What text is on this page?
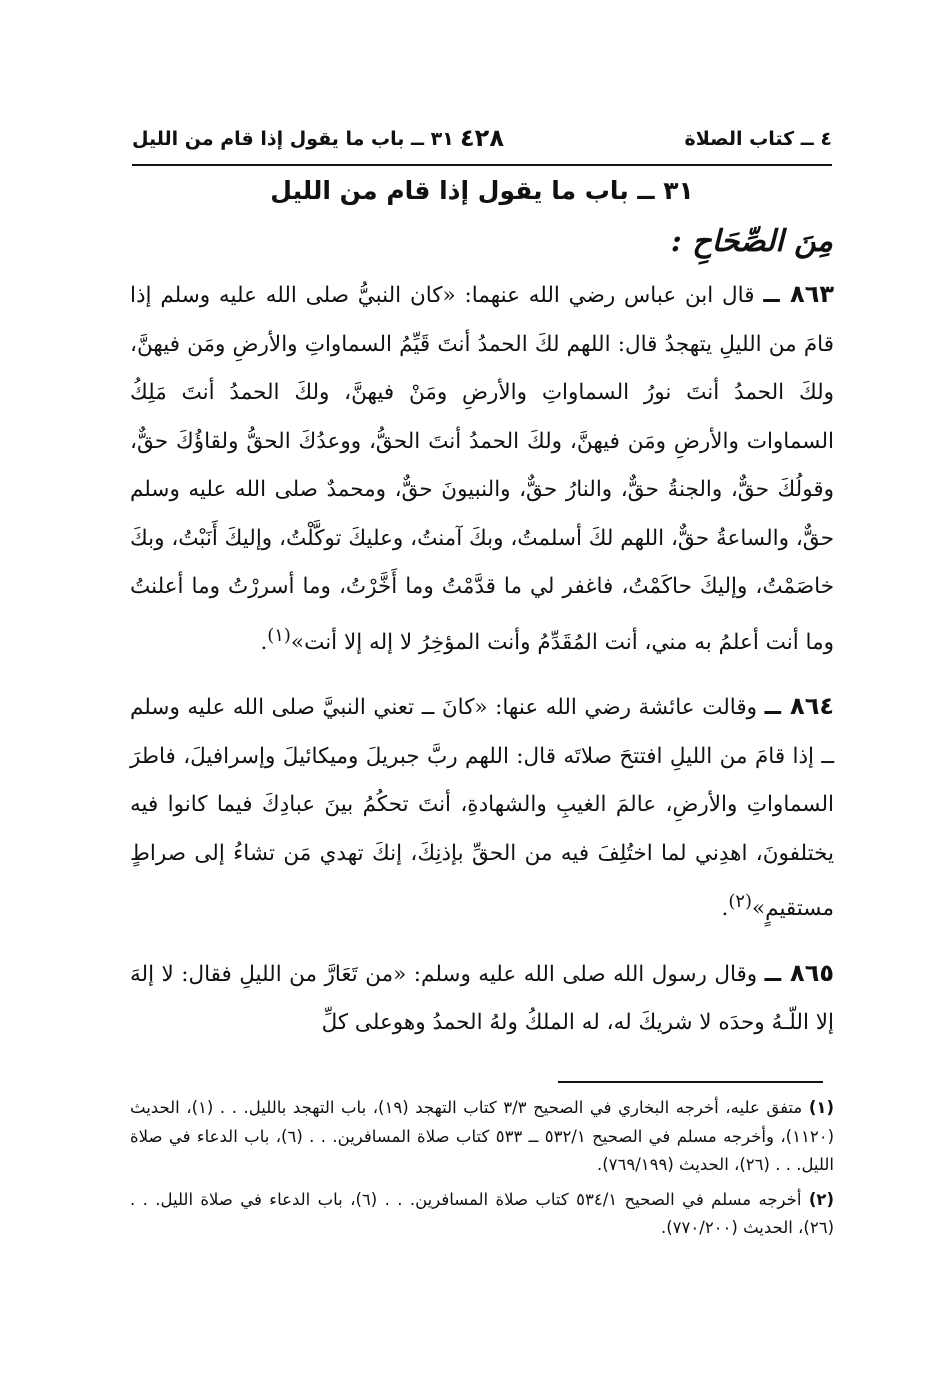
٤ ــ كتاب الصلاة
٤٢٨
٣١ ــ باب ما يقول إذا قام من الليل
٣١ ــ باب ما يقول إذا قام من الليل
مِنَ الصِّحَاحِ :

٨٦٣ ــ قال ابن عباس رضي الله عنهما: «كان النبيُّ صلى الله عليه وسلم إذا قامَ من الليلِ يتهجدُ قال: اللهم لكَ الحمدُ أنتَ قَيِّمُ السماواتِ والأرضِ ومَن فيهنَّ، ولكَ الحمدُ أنتَ نورُ السماواتِ والأرضِ ومَنْ فيهنَّ، ولكَ الحمدُ أنتَ مَلِكُ السماوات والأرضِ ومَن فيهنَّ، ولكَ الحمدُ أنتَ الحقُّ، ووعدُكَ الحقُّ ولقاؤُكَ حقٌّ، وقولُكَ حقٌّ، والجنةُ حقٌّ، والنارُ حقٌّ، والنبيونَ حقٌّ، ومحمدٌ صلى الله عليه وسلم حقٌّ، والساعةُ حقٌّ، اللهم لكَ أسلمتُ، وبكَ آمنتُ، وعليكَ توكَّلْتُ، وإليكَ أَنَبْتُ، وبكَ خاصَمْتُ، وإليكَ حاكَمْتُ، فاغفر لي ما قدَّمْتُ وما أَخَّرْتُ، وما أسررْتُ وما أعلنتُ وما أنت أعلمُ به مني، أنت المُقَدِّمُ وأنت المؤخِرُ لا إله إلا أنت»$^{(١)}$.

٨٦٤ ــ وقالت عائشة رضي الله عنها: «كانَ ــ تعني النبيَّ صلى الله عليه وسلم ــ إذا قامَ من الليلِ افتتحَ صلاتَه قال: اللهم ربَّ جبريلَ وميكائيلَ وإسرافيلَ، فاطرَ السماواتِ والأرضِ، عالمَ الغيبِ والشهادةِ، أنتَ تحكُمُ بينَ عبادِكَ فيما كانوا فيه يختلفونَ، اهدِني لما اختُلِفَ فيه من الحقِّ بإذنِكَ، إنكَ تهدي مَن تشاءُ إلى صراطٍ مستقيمٍ»$^{(٢)}$.

٨٦٥ ــ وقال رسول الله صلى الله عليه وسلم: «من تَعَارَّ من الليلِ فقال: لا إلهَ إلا اللّـهُ وحدَه لا شريكَ له، له الملكُ ولهُ الحمدُ وهوعلى كلِّ

(١) متفق عليه، أخرجه البخاري في الصحيح ٣/٣ كتاب التهجد (١٩)، باب التهجد بالليل. . . (١)، الحديث (١١٢٠)، وأخرجه مسلم في الصحيح ٥٣٢/١ ــ ٥٣٣ كتاب صلاة المسافرين. . . (٦)، باب الدعاء في صلاة الليل. . . (٢٦)، الحديث (٧٦٩/١٩٩).

(٢) أخرجه مسلم في الصحيح ٥٣٤/١ كتاب صلاة المسافرين. . . (٦)، باب الدعاء في صلاة الليل. . . (٢٦)، الحديث (٧٧٠/٢٠٠).
